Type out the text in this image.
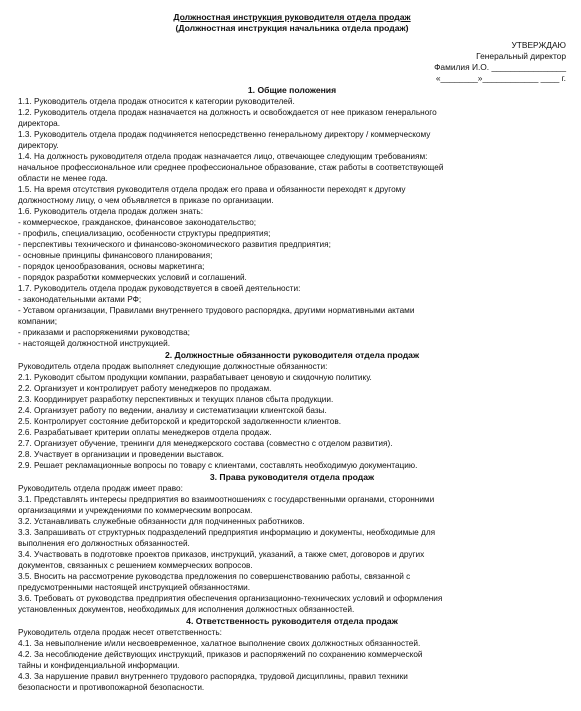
Должностная инструкция руководителя отдела продаж
(Должностная инструкция начальника отдела продаж)
УТВЕРЖДАЮ
Генеральный директор
Фамилия И.О. ________________
«________»____________ ____ г.
1. Общие положения
1.1. Руководитель отдела продаж относится к категории руководителей.
1.2. Руководитель отдела продаж назначается на должность и освобождается от нее приказом генерального
директора.
1.3. Руководитель отдела продаж подчиняется непосредственно генеральному директору / коммерческому
директору.
1.4. На должность руководителя отдела продаж назначается лицо, отвечающее следующим требованиям:
начальное профессиональное или среднее профессиональное образование, стаж работы в соответствующей
области не менее года.
1.5. На время отсутствия руководителя отдела продаж его права и обязанности переходят к другому
должностному лицу, о чем объявляется в приказе по организации.
1.6. Руководитель отдела продаж должен знать:
- коммерческое, гражданское, финансовое законодательство;
- профиль, специализацию, особенности структуры предприятия;
- перспективы технического и финансово-экономического развития предприятия;
- основные принципы финансового планирования;
- порядок ценообразования, основы маркетинга;
- порядок разработки коммерческих условий и соглашений.
1.7. Руководитель отдела продаж руководствуется в своей деятельности:
- законодательными актами РФ;
- Уставом организации, Правилами внутреннего трудового распорядка, другими нормативными актами
компании;
- приказами и распоряжениями руководства;
- настоящей должностной инструкцией.
2. Должностные обязанности руководителя отдела продаж
Руководитель отдела продаж выполняет следующие должностные обязанности:
2.1. Руководит сбытом продукции компании, разрабатывает ценовую и скидочную политику.
2.2. Организует и контролирует работу менеджеров по продажам.
2.3. Координирует разработку перспективных и текущих планов сбыта продукции.
2.4. Организует работу по ведении, анализу и систематизации клиентской базы.
2.5. Контролирует состояние дебиторской и кредиторской задолженности клиентов.
2.6. Разрабатывает критерии оплаты менеджеров отдела продаж.
2.7. Организует обучение, тренинги для менеджерского состава (совместно с отделом развития).
2.8. Участвует в организации и проведении выставок.
2.9. Решает рекламационные вопросы по товару с клиентами, составлять необходимую документацию.
3. Права руководителя отдела продаж
Руководитель отдела продаж имеет право:
3.1. Представлять интересы предприятия во взаимоотношениях с государственными органами, сторонними
организациями и учреждениями по коммерческим вопросам.
3.2. Устанавливать служебные обязанности для подчиненных работников.
3.3. Запрашивать от структурных подразделений предприятия информацию и документы, необходимые для
выполнения его должностных обязанностей.
3.4. Участвовать в подготовке проектов приказов, инструкций, указаний, а также смет, договоров и других
документов, связанных с решением коммерческих вопросов.
3.5. Вносить на рассмотрение руководства предложения по совершенствованию работы, связанной с
предусмотренными настоящей инструкцией обязанностями.
3.6. Требовать от руководства предприятия обеспечения организационно-технических условий и оформления
установленных документов, необходимых для исполнения должностных обязанностей.
4. Ответственность руководителя отдела продаж
Руководитель отдела продаж несет ответственность:
4.1. За невыполнение и/или несвоевременное, халатное выполнение своих должностных обязанностей.
4.2. За несоблюдение действующих инструкций, приказов и распоряжений по сохранению коммерческой
тайны и конфиденциальной информации.
4.3. За нарушение правил внутреннего трудового распорядка, трудовой дисциплины, правил техники
безопасности и противопожарной безопасности.
